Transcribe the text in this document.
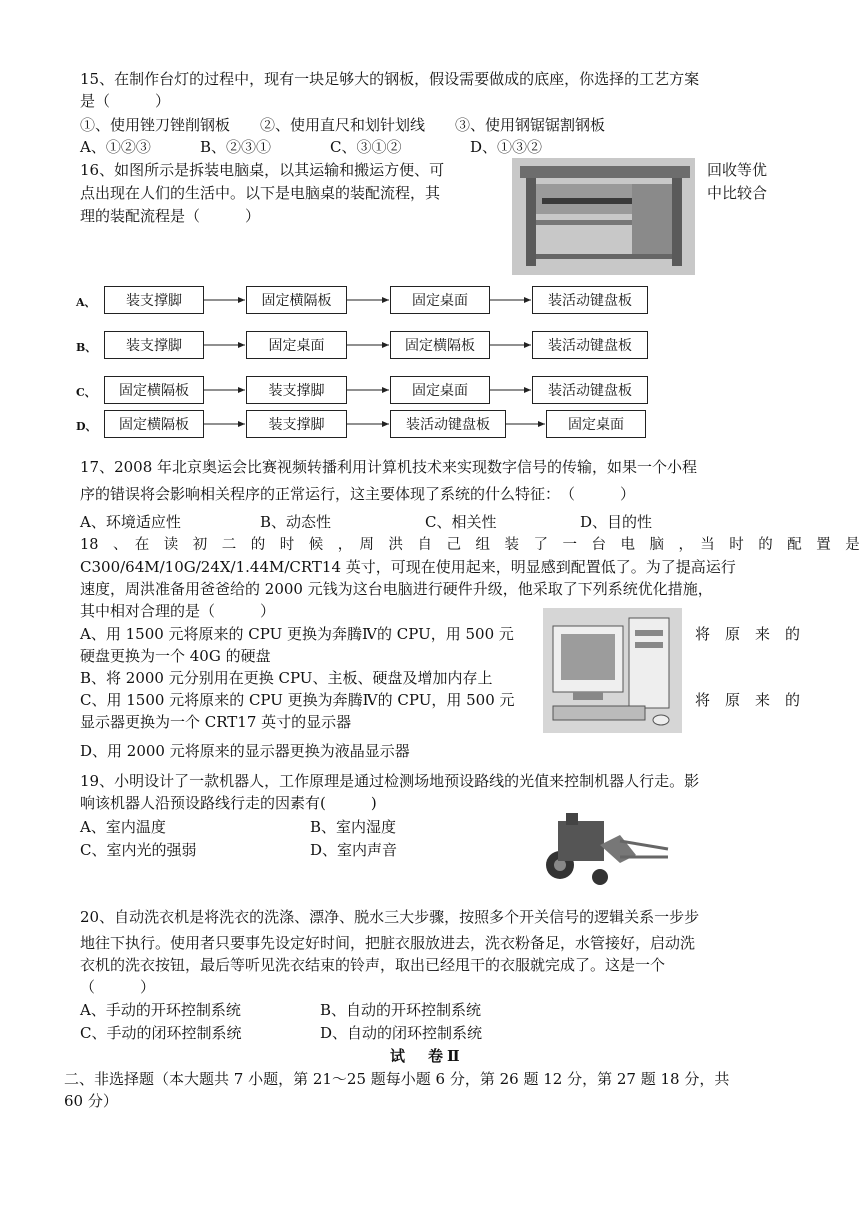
15、在制作台灯的过程中，现有一块足够大的钢板，假设需要做成的底座，你选择的工艺方案
是（　　　）
①、使用锉刀锉削钢板　　②、使用直尺和划针划线　　③、使用钢锯锯割钢板
A、①②③	B、②③①	C、③①②	D、①③②
16、如图所示是拆装电脑桌，以其运输和搬运方便、可	回收等优
点出现在人们的生活中。以下是电脑桌的装配流程，其	中比较合
理的装配流程是（　　　）
A、	装支撑脚	固定横隔板	固定桌面	装活动键盘板
B、	装支撑脚	固定桌面	固定横隔板	装活动键盘板
C、	固定横隔板	装支撑脚	固定桌面	装活动键盘板
D、	固定横隔板	装支撑脚	装活动键盘板	固定桌面
17、2008 年北京奥运会比赛视频转播利用计算机技术来实现数字信号的传输，如果一个小程
序的错误将会影响相关程序的正常运行，这主要体现了系统的什么特征：　（　　　）
A、环境适应性	B、动态性	C、相关性	D、目的性
18　、　在　读　初　二　的　时　候　，　周　洪　自　己　组　装　了　一　台　电　脑　，　当　时　的　配　置　是
C300/64M/10G/24X/1.44M/CRT14 英寸，可现在使用起来，明显感到配置低了。为了提高运行
速度，周洪准备用爸爸给的 2000 元钱为这台电脑进行硬件升级，他采取了下列系统优化措施，
其中相对合理的是（　　　）
A、用 1500 元将原来的 CPU 更换为奔腾Ⅳ的 CPU，用 500 元	将　原　来　的
硬盘更换为一个 40G 的硬盘
B、将 2000 元分别用在更换 CPU、主板、硬盘及增加内存上
C、用 1500 元将原来的 CPU 更换为奔腾Ⅳ的 CPU，用 500 元	将　原　来　的
显示器更换为一个 CRT17 英寸的显示器
D、用 2000 元将原来的显示器更换为液晶显示器
19、小明设计了一款机器人，工作原理是通过检测场地预设路线的光值来控制机器人行走。影
响该机器人沿预设路线行走的因素有(　　　)
A、室内温度	B、室内湿度
C、室内光的强弱	D、室内声音
20、自动洗衣机是将洗衣的洗涤、漂净、脱水三大步骤，按照多个开关信号的逻辑关系一步步
地往下执行。使用者只要事先设定好时间，把脏衣服放进去，洗衣粉备足，水管接好，启动洗
衣机的洗衣按钮，最后等听见洗衣结束的铃声，取出已经甩干的衣服就完成了。这是一个
（　　　）
A、手动的开环控制系统	B、自动的开环控制系统
C、手动的闭环控制系统	D、自动的闭环控制系统
试　卷Ⅱ
二、非选择题（本大题共 7 小题，第 21～25 题每小题 6 分，第 26 题 12 分，第 27 题 18 分，共
60 分）
